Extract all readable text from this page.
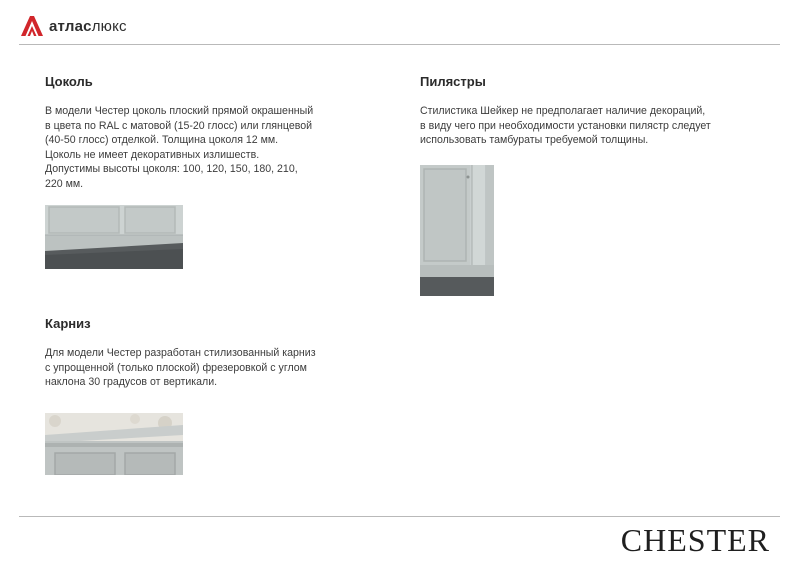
атласлюкс
Цоколь
В модели Честер цоколь плоский прямой окрашенный
в цвета по RAL с матовой (15-20 глосс) или глянцевой
(40-50 глосс) отделкой. Толщина цоколя 12 мм.
Цоколь не имеет декоративных излишеств.
Допустимы высоты цоколя: 100, 120, 150, 180, 210,
220 мм.
Карниз
Для модели Честер разработан стилизованный карниз
с упрощенной (только плоской) фрезеровкой с углом
наклона 30 градусов от вертикали.
Пилястры
Стилистика Шейкер не предполагает наличие декораций,
в виду чего при необходимости установки пилястр следует
использовать тамбураты требуемой толщины.
CHESTER
